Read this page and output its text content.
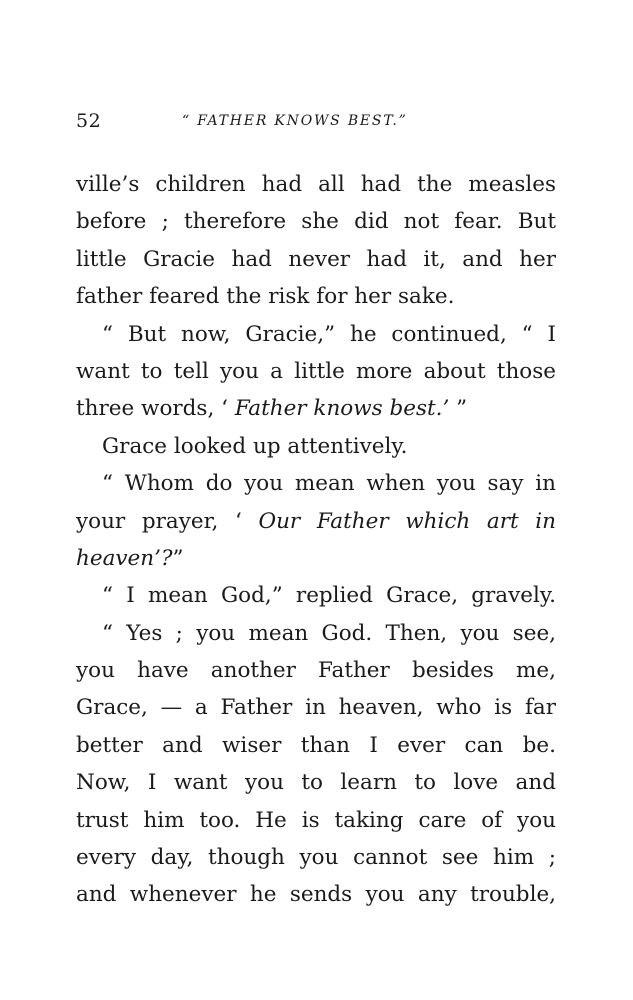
52	“ FATHER KNOWS BEST.”
ville’s children had all had the measles
before ; therefore she did not fear. But
little Gracie had never had it, and her
father feared the risk for her sake.
“ But now, Gracie,” he continued, “ I
want to tell you a little more about those
three words, ‘ Father knows best.’ ”
Grace looked up attentively.
“ Whom do you mean when you say in
your prayer, ‘ Our Father which art in
heaven’?”
“ I mean God,” replied Grace, gravely.
“ Yes ; you mean God. Then, you see,
you have another Father besides me,
Grace, — a Father in heaven, who is far
better and wiser than I ever can be.
Now, I want you to learn to love and
trust him too. He is taking care of you
every day, though you cannot see him ;
and whenever he sends you any trouble,
